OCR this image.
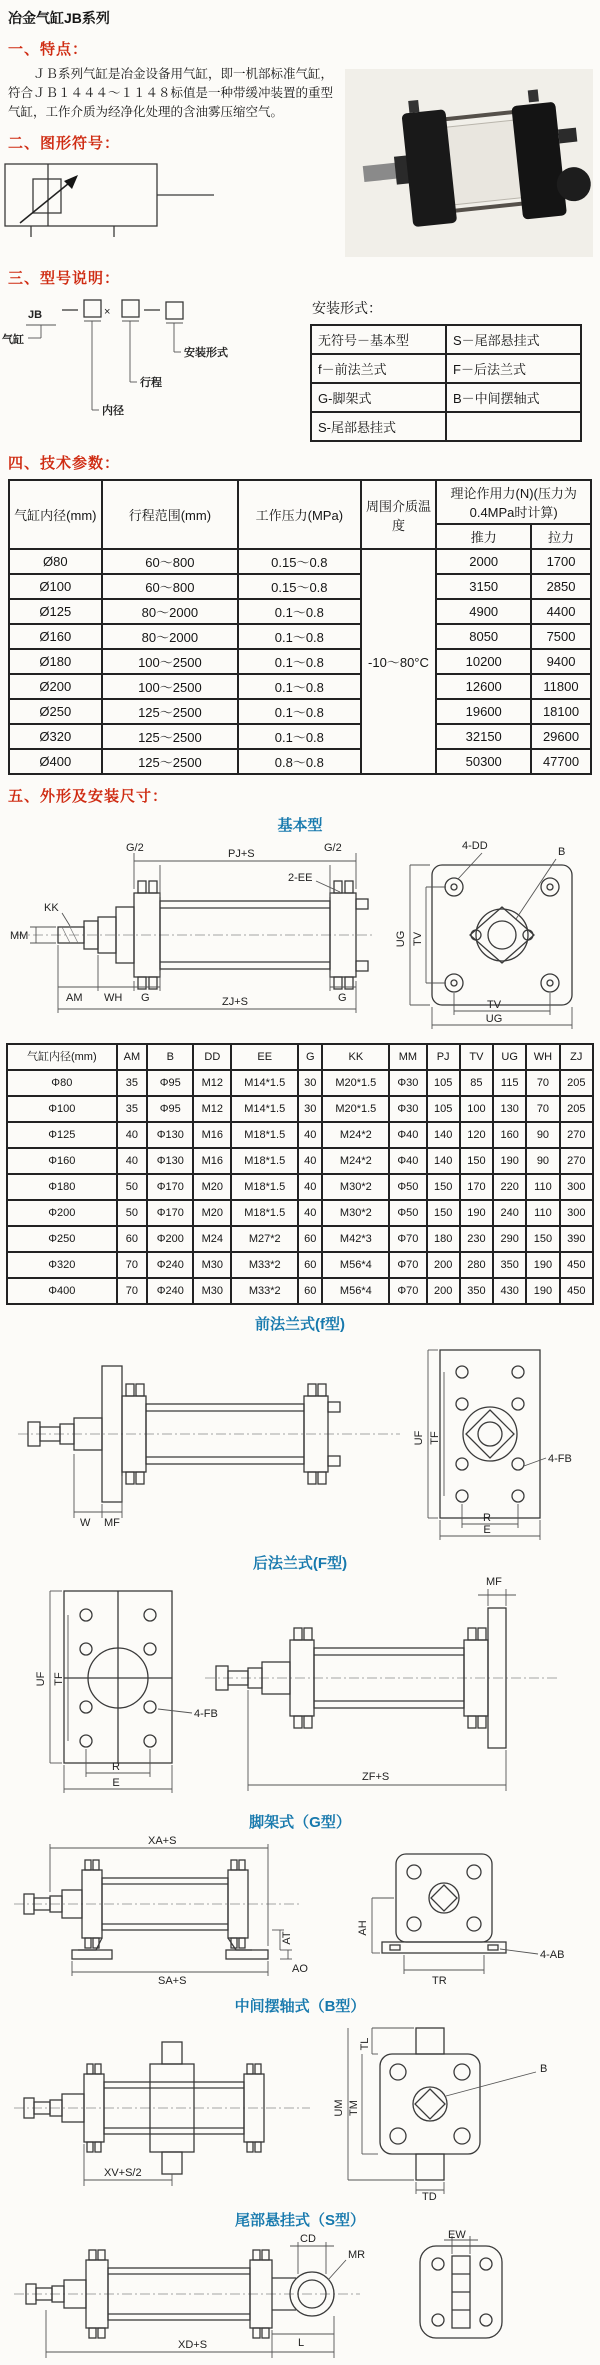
冶金气缸JB系列
一、特点：

ＪＢ系列气缸是冶金设备用气缸，即一机部标准气缸，符合ＪＢ１４４４～１１４８标值是一种带缓冲装置的重型气缸，工作介质为经净化处理的含油雾压缩空气。

二、图形符号：
三、型号说明：
JB	×
气缸
内径
行程
安装形式
安装形式：
无符号－基本型	S－尾部悬挂式
f－前法兰式	F－后法兰式
G-脚架式	B－中间摆轴式
S-尾部悬挂式	
四、技术参数：
气缸内径(mm)	行程范围(mm)	工作压力(MPa)	周围介质温度	理论作用力(N)(压力为0.4MPa时计算)	
				推力	拉力
Ø80	60～800	0.15～0.8	-10～80°C	2000	1700
Ø100	60～800	0.15～0.8		3150	2850
Ø125	80～2000	0.1～0.8		4900	4400
Ø160	80～2000	0.1～0.8		8050	7500
Ø180	100～2500	0.1～0.8		10200	9400
Ø200	100～2500	0.1～0.8		12600	11800
Ø250	125～2500	0.1～0.8		19600	18100
Ø320	125～2500	0.1～0.8		32150	29600
Ø400	125～2500	0.8～0.8		50300	47700
五、外形及安装尺寸：
基本型
G/2	PJ+S	G/2
2-EE
KK
MM
AM WH G	ZJ+S	G
4-DD	B
UG TV
TV
UG
气缸内径(mm)	AM	B	DD	EE	G	KK	MM	PJ	TV	UG	WH	ZJ
Φ80	35	Φ95	M12	M14*1.5	30	M20*1.5	Φ30	105	85	115	70	205
Φ100	35	Φ95	M12	M14*1.5	30	M20*1.5	Φ30	105	100	130	70	205
Φ125	40	Φ130	M16	M18*1.5	40	M24*2	Φ40	140	120	160	90	270
Φ160	40	Φ130	M16	M18*1.5	40	M24*2	Φ40	140	150	190	90	270
Φ180	50	Φ170	M20	M18*1.5	40	M30*2	Φ50	150	170	220	110	300
Φ200	50	Φ170	M20	M18*1.5	40	M30*2	Φ50	150	190	240	110	300
Φ250	60	Φ200	M24	M27*2	60	M42*3	Φ70	180	230	290	150	390
Φ320	70	Φ240	M30	M33*2	60	M56*4	Φ70	200	280	350	190	450
Φ400	70	Φ240	M30	M33*2	60	M56*4	Φ70	200	350	430	190	450
前法兰式(f型)
W MF
UF TF
4-FB
R
E
后法兰式(F型)
UF TF
4-FB
R
E
MF
ZF+S
脚架式（G型）
XA+S
SA+S
AT
AO
AH
TR
4-AB
中间摆轴式（B型）
XV+S/2
TL
UM TM
B
TD
尾部悬挂式（S型）
CD
MR
L
XD+S
EW
